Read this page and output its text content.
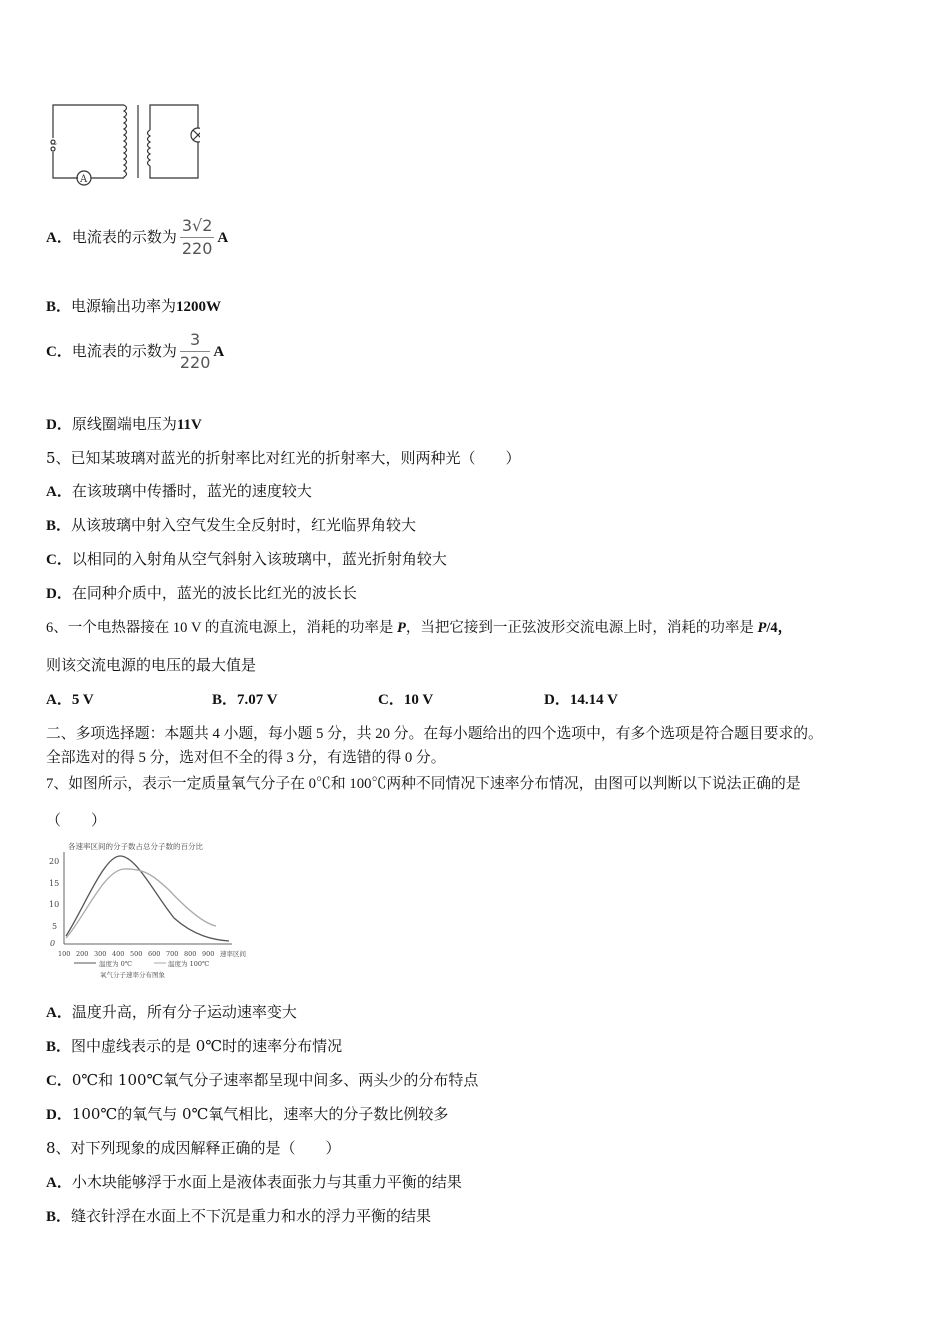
~
A
A．电流表的示数为 $\frac{3√2}{220}$ A
B．电源输出功率为1200W
C．电流表的示数为 $\frac{3}{220}$ A
D．原线圈端电压为11V
5、已知某玻璃对蓝光的折射率比对红光的折射率大，则两种光（　　）
A．在该玻璃中传播时，蓝光的速度较大
B．从该玻璃中射入空气发生全反射时，红光临界角较大
C．以相同的入射角从空气斜射入该玻璃中，蓝光折射角较大
D．在同种介质中，蓝光的波长比红光的波长长
6、一个电热器接在 10 V 的直流电源上，消耗的功率是 P，当把它接到一正弦波形交流电源上时，消耗的功率是 P/4，
则该交流电源的电压的最大值是
A．5 V	B．7.07 V	C．10 V	D．14.14 V
二、多项选择题：本题共 4 小题，每小题 5 分，共 20 分。在每小题给出的四个选项中，有多个选项是符合题目要求的。
全部选对的得 5 分，选对但不全的得 3 分，有选错的得 0 分。
7、如图所示，表示一定质量氧气分子在 0℃和 100℃两种不同情况下速率分布情况，由图可以判断以下说法正确的是
（　　）
各速率区间的分子数占总分子数的百分比
20
15
10
5
0
100 200 300 400 500 600 700 800 900 速率区间
温度为 0℃	温度为 100℃
氧气分子速率分布图象
A．温度升高，所有分子运动速率变大
B．图中虚线表示的是 0℃时的速率分布情况
C．0℃和 100℃氧气分子速率都呈现中间多、两头少的分布特点
D．100℃的氧气与 0℃氧气相比，速率大的分子数比例较多
8、对下列现象的成因解释正确的是（　　）
A．小木块能够浮于水面上是液体表面张力与其重力平衡的结果
B．缝衣针浮在水面上不下沉是重力和水的浮力平衡的结果
